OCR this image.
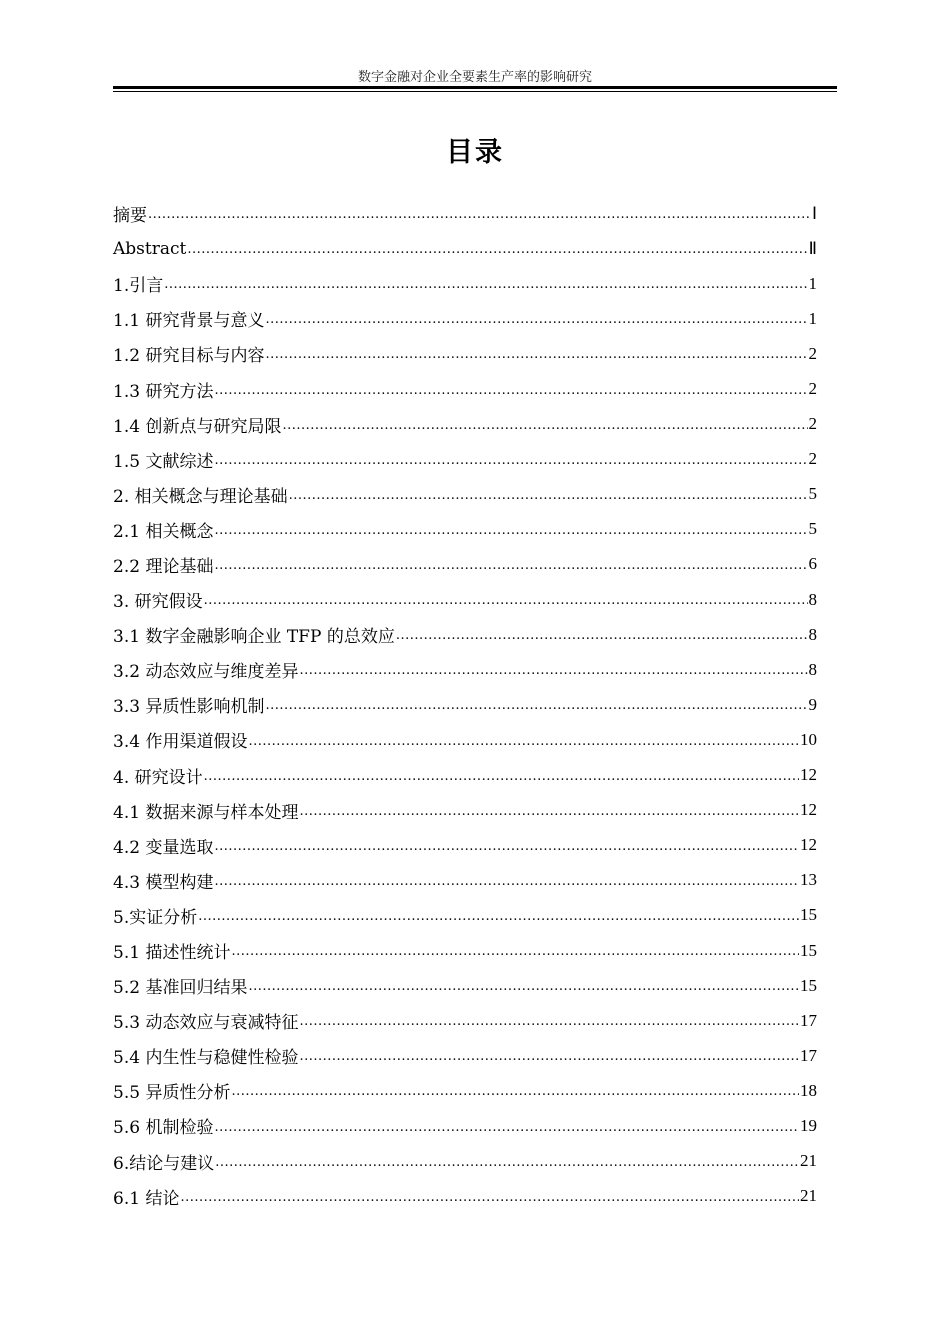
数字金融对企业全要素生产率的影响研究
目录
摘要 .....	Ⅰ
Abstract .....	Ⅱ
1.引言 .....	1
1.1 研究背景与意义 .....	1
1.2 研究目标与内容 .....	2
1.3 研究方法 .....	2
1.4 创新点与研究局限 .....	2
1.5 文献综述 .....	2
2. 相关概念与理论基础 .....	5
2.1 相关概念 .....	5
2.2 理论基础 .....	6
3. 研究假设 .....	8
3.1 数字金融影响企业 TFP 的总效应 .....	8
3.2 动态效应与维度差异 .....	8
3.3 异质性影响机制 .....	9
3.4 作用渠道假设 .....	10
4. 研究设计 .....	12
4.1 数据来源与样本处理 .....	12
4.2 变量选取 .....	12
4.3 模型构建 .....	13
5.实证分析 .....	15
5.1 描述性统计 .....	15
5.2 基准回归结果 .....	15
5.3 动态效应与衰减特征 .....	17
5.4 内生性与稳健性检验 .....	17
5.5 异质性分析 .....	18
5.6 机制检验 .....	19
6.结论与建议 .....	21
6.1 结论 .....	21
